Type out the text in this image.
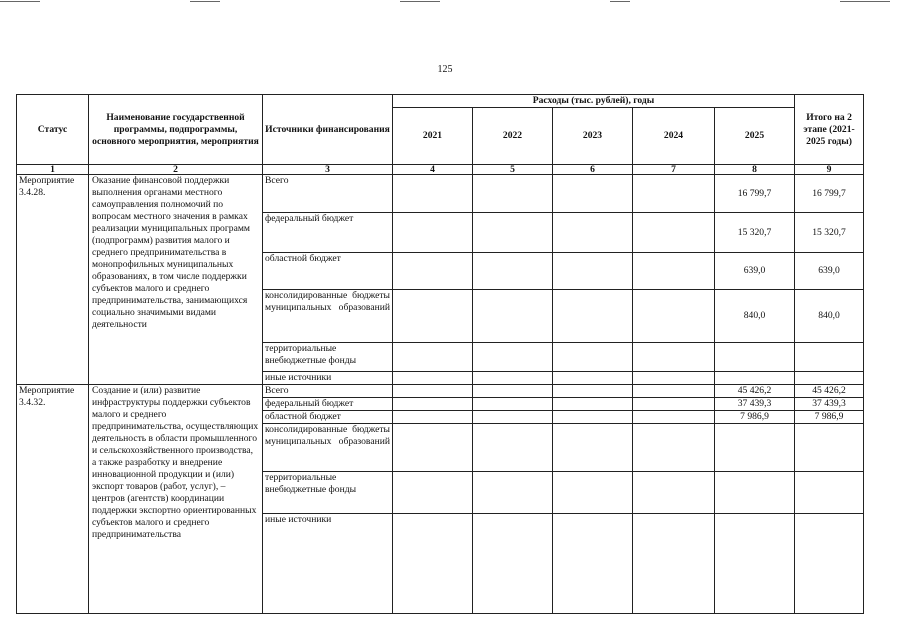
125
Статус	Наименование государственной программы, подпрограммы, основного мероприятия, мероприятия	Источники финансирования	Расходы (тыс. рублей), годы					Итого на 2 этапе (2021-2025 годы)
			2021	2022	2023	2024	2025	
1	2	3	4	5	6	7	8	9
Мероприятие 3.4.28.	Оказание финансовой поддержки выполнения органами местного самоуправления полномочий по вопросам местного значения в рамках реализации муниципальных программ (подпрограмм) развития малого и среднего предпринимательства в монопрофильных муниципальных образованиях, в том числе поддержки субъектов малого и среднего предпринимательства, занимающихся социально значимыми видами деятельности	Всего					16 799,7	16 799,7
		федеральный бюджет					15 320,7	15 320,7
		областной бюджет					639,0	639,0
		консолидированные бюджеты муниципальных образований					840,0	840,0
		территориальные внебюджетные фонды						
		иные источники						
Мероприятие 3.4.32.	Создание и (или) развитие инфраструктуры поддержки субъектов малого и среднего предпринимательства, осуществляющих деятельность в области промышленного и сельскохозяйственного производства, а также разработку и внедрение инновационной продукции и (или) экспорт товаров (работ, услуг), – центров (агентств) координации поддержки экспортно ориентированных субъектов малого и среднего предпринимательства	Всего					45 426,2	45 426,2
		федеральный бюджет					37 439,3	37 439,3
		областной бюджет					7 986,9	7 986,9
		консолидированные бюджеты муниципальных образований						
		территориальные внебюджетные фонды						
		иные источники						
